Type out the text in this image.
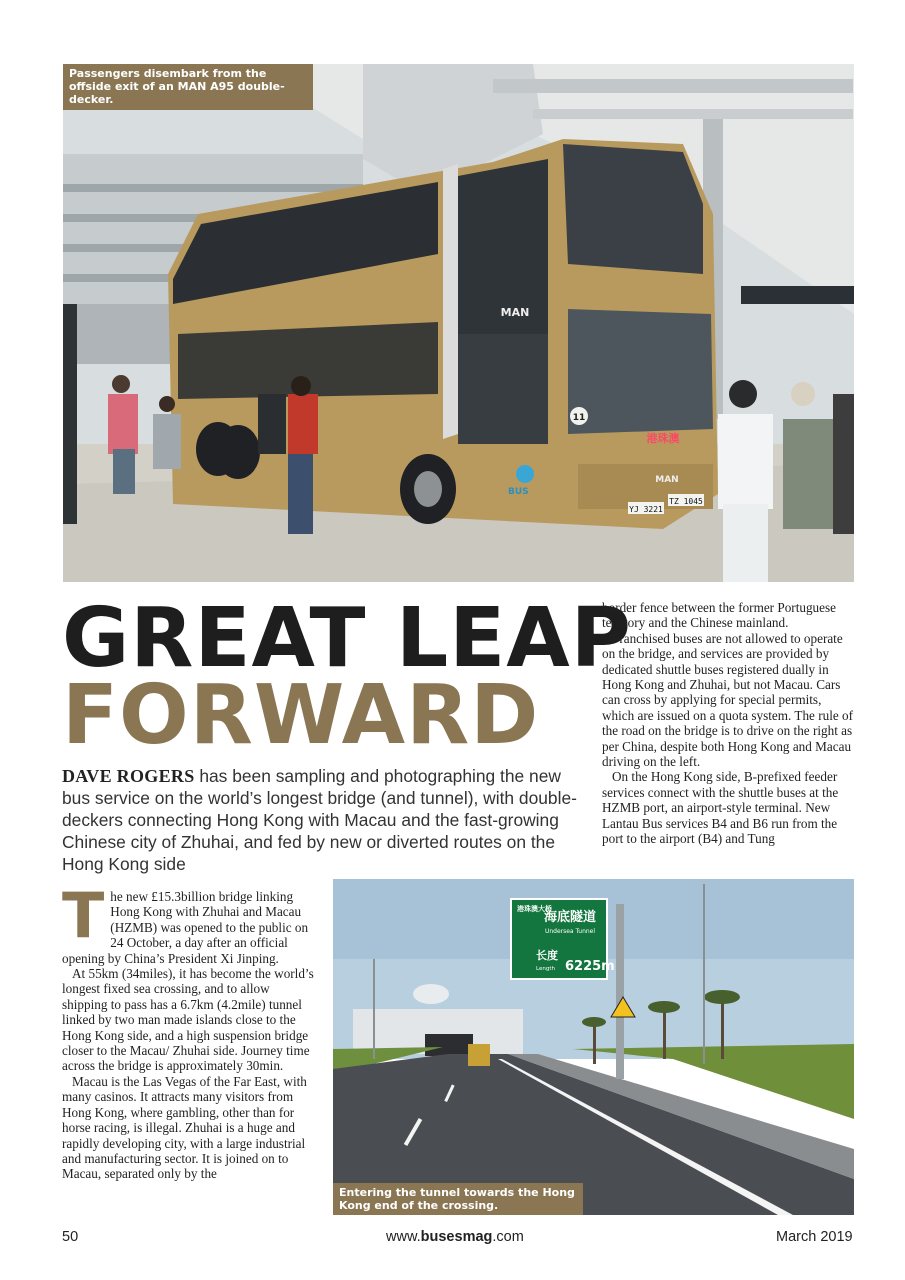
11
港珠澳
MAN
MAN
YJ 3221
TZ 1045
BUS
Passengers disembark from the offside exit of an MAN A95 double-decker.
GREAT LEAP
FORWARD
DAVE ROGERS has been sampling and photographing the new bus service on the world’s longest bridge (and tunnel), with double-deckers connecting Hong Kong with Macau and the fast-growing Chinese city of Zhuhai, and fed by new or diverted routes on the Hong Kong side

border fence between the former Portuguese territory and the Chinese mainland.

Franchised buses are not allowed to operate on the bridge, and services are provided by dedicated shuttle buses registered dually in Hong Kong and Zhuhai, but not Macau. Cars can cross by applying for special permits, which are issued on a quota system. The rule of the road on the bridge is to drive on the right as per China, despite both Hong Kong and Macau driving on the left.

On the Hong Kong side, B-prefixed feeder services connect with the shuttle buses at the HZMB port, an airport-style terminal. New Lantau Bus services B4 and B6 run from the port to the airport (B4) and Tung

The new £15.3billion bridge linking Hong Kong with Zhuhai and Macau (HZMB) was opened to the public on 24 October, a day after an official opening by China’s President Xi Jinping.

At 55km (34miles), it has become the world’s longest fixed sea crossing, and to allow shipping to pass has a 6.7km (4.2mile) tunnel linked by two man made islands close to the Hong Kong side, and a high suspension bridge closer to the Macau/ Zhuhai side. Journey time across the bridge is approximately 30min.

Macau is the Las Vegas of the Far East, with many casinos. It attracts many visitors from Hong Kong, where gambling, other than for horse racing, is illegal. Zhuhai is a huge and rapidly developing city, with a large industrial and manufacturing sector. It is joined on to Macau, separated only by the

海底隧道
Undersea Tunnel
长度
Length 6225m
港珠澳大桥
Entering the tunnel towards the Hong Kong end of the crossing.
50	www.busesmag.com	March 2019
